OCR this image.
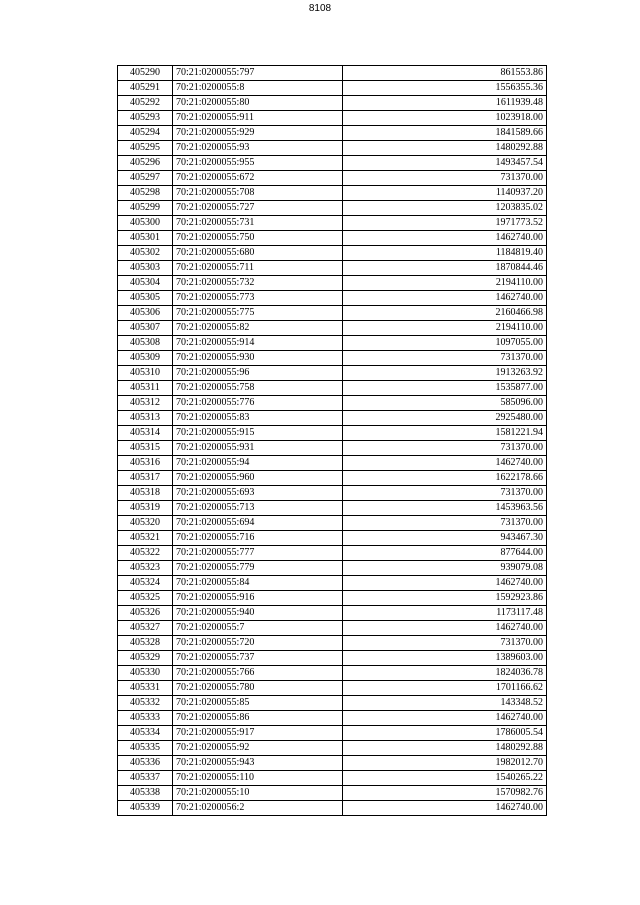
8108
405290	70:21:0200055:797	861553.86
405291	70:21:0200055:8	1556355.36
405292	70:21:0200055:80	1611939.48
405293	70:21:0200055:911	1023918.00
405294	70:21:0200055:929	1841589.66
405295	70:21:0200055:93	1480292.88
405296	70:21:0200055:955	1493457.54
405297	70:21:0200055:672	731370.00
405298	70:21:0200055:708	1140937.20
405299	70:21:0200055:727	1203835.02
405300	70:21:0200055:731	1971773.52
405301	70:21:0200055:750	1462740.00
405302	70:21:0200055:680	1184819.40
405303	70:21:0200055:711	1870844.46
405304	70:21:0200055:732	2194110.00
405305	70:21:0200055:773	1462740.00
405306	70:21:0200055:775	2160466.98
405307	70:21:0200055:82	2194110.00
405308	70:21:0200055:914	1097055.00
405309	70:21:0200055:930	731370.00
405310	70:21:0200055:96	1913263.92
405311	70:21:0200055:758	1535877.00
405312	70:21:0200055:776	585096.00
405313	70:21:0200055:83	2925480.00
405314	70:21:0200055:915	1581221.94
405315	70:21:0200055:931	731370.00
405316	70:21:0200055:94	1462740.00
405317	70:21:0200055:960	1622178.66
405318	70:21:0200055:693	731370.00
405319	70:21:0200055:713	1453963.56
405320	70:21:0200055:694	731370.00
405321	70:21:0200055:716	943467.30
405322	70:21:0200055:777	877644.00
405323	70:21:0200055:779	939079.08
405324	70:21:0200055:84	1462740.00
405325	70:21:0200055:916	1592923.86
405326	70:21:0200055:940	1173117.48
405327	70:21:0200055:7	1462740.00
405328	70:21:0200055:720	731370.00
405329	70:21:0200055:737	1389603.00
405330	70:21:0200055:766	1824036.78
405331	70:21:0200055:780	1701166.62
405332	70:21:0200055:85	143348.52
405333	70:21:0200055:86	1462740.00
405334	70:21:0200055:917	1786005.54
405335	70:21:0200055:92	1480292.88
405336	70:21:0200055:943	1982012.70
405337	70:21:0200055:110	1540265.22
405338	70:21:0200055:10	1570982.76
405339	70:21:0200056:2	1462740.00
